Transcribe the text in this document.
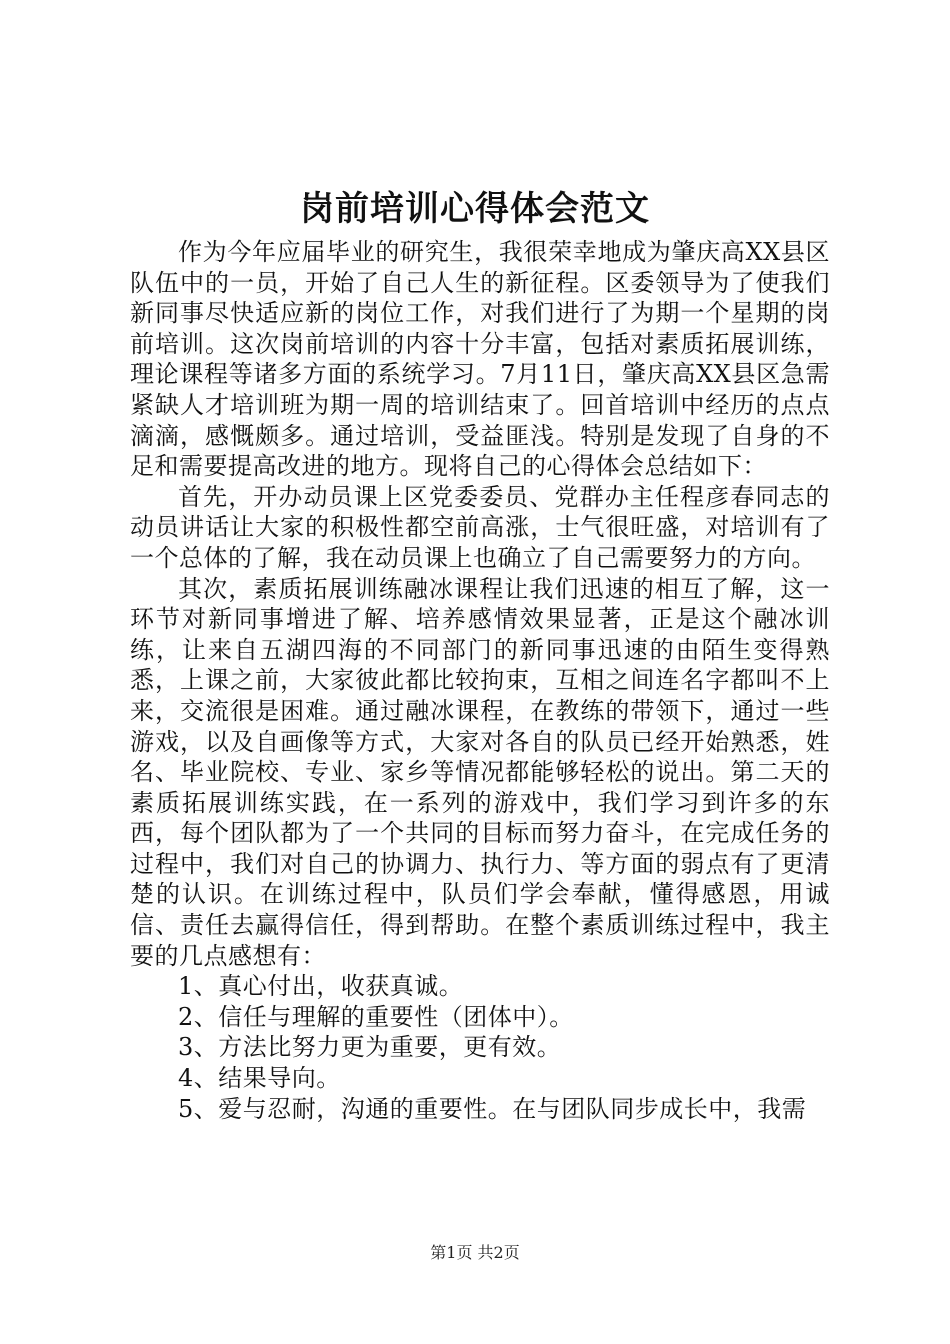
岗前培训心得体会范文

作为今年应届毕业的研究生，我很荣幸地成为肇庆高XX县区队伍中的一员，开始了自己人生的新征程。区委领导为了使我们新同事尽快适应新的岗位工作，对我们进行了为期一个星期的岗前培训。这次岗前培训的内容十分丰富，包括对素质拓展训练，理论课程等诸多方面的系统学习。7月11日，肇庆高XX县区急需紧缺人才培训班为期一周的培训结束了。回首培训中经历的点点滴滴，感慨颇多。通过培训，受益匪浅。特别是发现了自身的不足和需要提高改进的地方。现将自己的心得体会总结如下：

首先，开办动员课上区党委委员、党群办主任程彦春同志的动员讲话让大家的积极性都空前高涨，士气很旺盛，对培训有了一个总体的了解，我在动员课上也确立了自己需要努力的方向。

其次，素质拓展训练融冰课程让我们迅速的相互了解，这一环节对新同事增进了解、培养感情效果显著，正是这个融冰训练，让来自五湖四海的不同部门的新同事迅速的由陌生变得熟悉，上课之前，大家彼此都比较拘束，互相之间连名字都叫不上来，交流很是困难。通过融冰课程，在教练的带领下，通过一些游戏，以及自画像等方式，大家对各自的队员已经开始熟悉，姓名、毕业院校、专业、家乡等情况都能够轻松的说出。第二天的素质拓展训练实践，在一系列的游戏中，我们学习到许多的东西，每个团队都为了一个共同的目标而努力奋斗，在完成任务的过程中，我们对自己的协调力、执行力、等方面的弱点有了更清楚的认识。在训练过程中，队员们学会奉献，懂得感恩，用诚信、责任去赢得信任，得到帮助。在整个素质训练过程中，我主要的几点感想有：

1、真心付出，收获真诚。

2、信任与理解的重要性（团体中）。

3、方法比努力更为重要，更有效。

4、结果导向。

5、爱与忍耐，沟通的重要性。在与团队同步成长中，我需

第1页 共2页
